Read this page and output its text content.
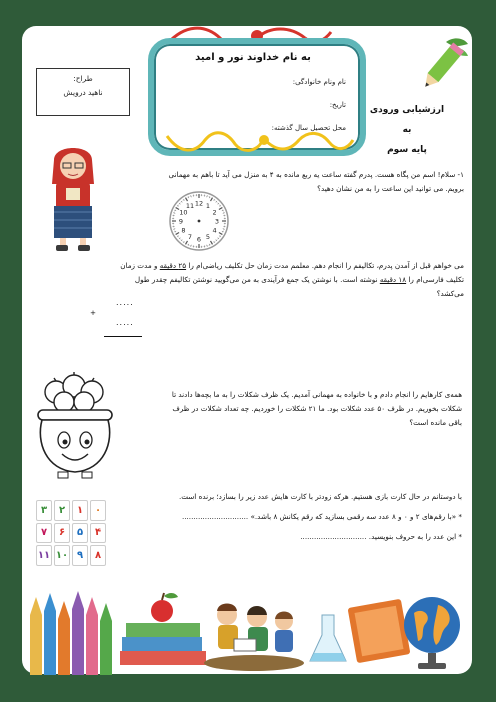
به نام خداوند نور و امید
نام ونام خانوادگی:
تاریخ:
محل تحصیل سال گذشته:
طراح:
ناهید درویش
ارزشیابی ورودی به
پایه سوم
۱- سلام! اسم من پگاه هست. پدرم گفته ساعت یه ربع مانده به ۴ به منزل می آید تا باهم به مهمانی
برویم. می توانید این ساعت را به من نشان دهید؟
12 1
2
3
4
5
6
7
8
9
10
11
می خواهم قبل از آمدن پدرم، تکالیفم را انجام دهم. معلمم مدت زمان حل تکلیف ریاضی‌ام را ۲۵ دقیقه و مدت زمان
تکلیف فارسی‌ام را ۱۸ دقیقه نوشته است. با نوشتن یک جمع فرآیندی به من می‌گویید نوشتن تکالیفم چقدر طول
می‌کشد؟
.....
+
.....
همه‌ی کارهایم را انجام دادم و با خانواده به مهمانی آمدیم. یک ظرف شکلات را به ما بچه‌ها دادند تا
شکلات بخوریم. در ظرف ۵۰ عدد شکلات بود. ما ۲۱ شکلات را خوردیم. چه تعداد شکلات در ظرف
باقی مانده است؟
با دوستانم در حال کارت بازی هستیم. هرکه زودتر با کارت هایش عدد زیر را بسازد؛ برنده است.
* «با رقم‌های ۲ و ۰ و ۸ عدد سه رقمی بسازید که رقم یکانش ۸ باشد.» .............................
* این عدد را به حروف بنویسید. .............................
۳	۲	۱	۰
۷	۶	۵	۴
۱۱ ۱۰ ۹	۸
